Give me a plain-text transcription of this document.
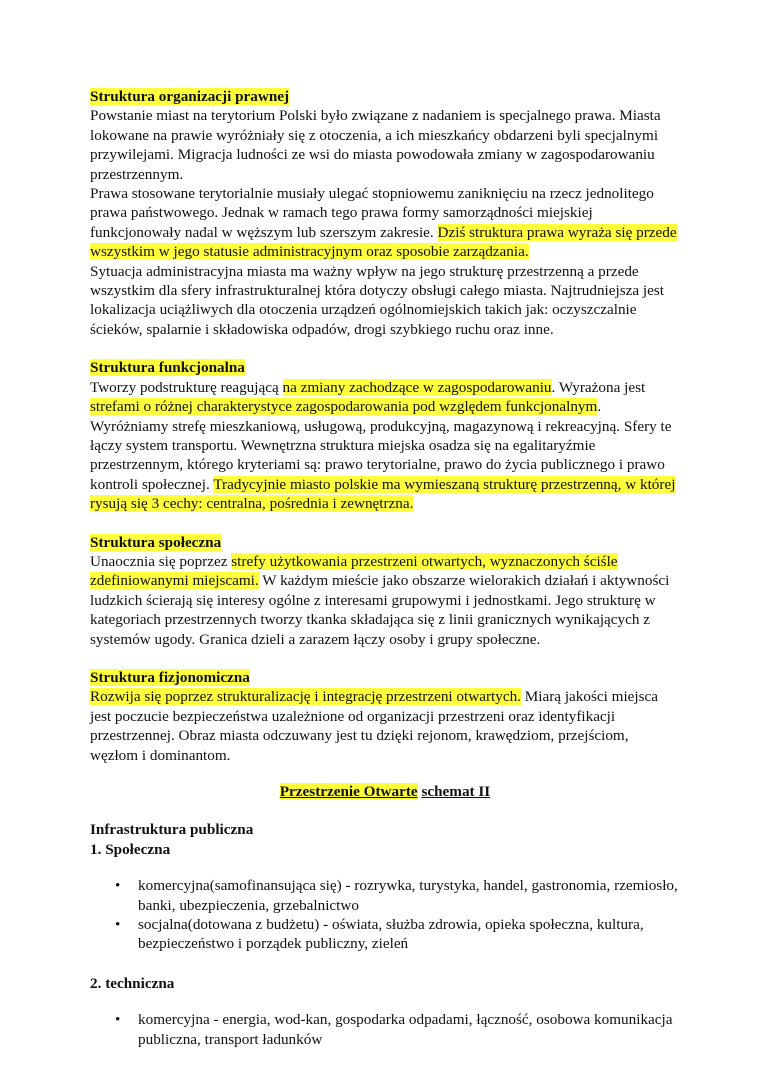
Struktura organizacji prawnej

Powstanie miast na terytorium Polski było związane z nadaniem is specjalnego prawa. Miasta lokowane na prawie wyróżniały się z otoczenia, a ich mieszkańcy obdarzeni byli specjalnymi przywilejami. Migracja ludności ze wsi do miasta powodowała zmiany w zagospodarowaniu przestrzennym.

Prawa stosowane terytorialnie musiały ulegać stopniowemu zaniknięciu na rzecz jednolitego prawa państwowego. Jednak w ramach tego prawa formy samorządności miejskiej funkcjonowały nadal w węższym lub szerszym zakresie. Dziś struktura prawa wyraża się przede wszystkim w jego statusie administracyjnym oraz sposobie zarządzania.

Sytuacja administracyjna miasta ma ważny wpływ na jego strukturę przestrzenną a przede wszystkim dla sfery infrastrukturalnej która dotyczy obsługi całego miasta. Najtrudniejsza jest lokalizacja uciążliwych dla otoczenia urządzeń ogólnomiejskich takich jak: oczyszczalnie ścieków, spalarnie i składowiska odpadów, drogi szybkiego ruchu oraz inne.

Struktura funkcjonalna

Tworzy podstrukturę reagującą na zmiany zachodzące w zagospodarowaniu. Wyrażona jest strefami o różnej charakterystyce zagospodarowania pod względem funkcjonalnym. Wyróżniamy strefę mieszkaniową, usługową, produkcyjną, magazynową i rekreacyjną. Sfery te łączy system transportu. Wewnętrzna struktura miejska osadza się na egalitaryźmie przestrzennym, którego kryteriami są: prawo terytorialne, prawo do życia publicznego i prawo kontroli społecznej. Tradycyjnie miasto polskie ma wymieszaną strukturę przestrzenną, w której rysują się 3 cechy: centralna, pośrednia i zewnętrzna.

Struktura społeczna

Unaocznia się poprzez strefy użytkowania przestrzeni otwartych, wyznaczonych ściśle zdefiniowanymi miejscami. W każdym mieście jako obszarze wielorakich działań i aktywności ludzkich ścierają się interesy ogólne z interesami grupowymi i jednostkami. Jego strukturę w kategoriach przestrzennych tworzy tkanka składająca się z linii granicznych wynikających z systemów ugody. Granica dzieli a zarazem łączy osoby i grupy społeczne.

Struktura fizjonomiczna

Rozwija się poprzez strukturalizację i integrację przestrzeni otwartych. Miarą jakości miejsca jest poczucie bezpieczeństwa uzależnione od organizacji przestrzeni oraz identyfikacji przestrzennej. Obraz miasta odczuwany jest tu dzięki rejonom, krawędziom, przejściom, węzłom i dominantom.

Przestrzenie Otwarte schemat II

Infrastruktura publiczna

1. Społeczna

• komercyjna(samofinansująca się) - rozrywka, turystyka, handel, gastronomia, rzemiosło, banki, ubezpieczenia, grzebalnictwo
• socjalna(dotowana z budżetu) - oświata, służba zdrowia, opieka społeczna, kultura, bezpieczeństwo i porządek publiczny, zieleń

2. techniczna

• komercyjna - energia, wod-kan, gospodarka odpadami, łączność, osobowa komunikacja publiczna, transport ładunków
